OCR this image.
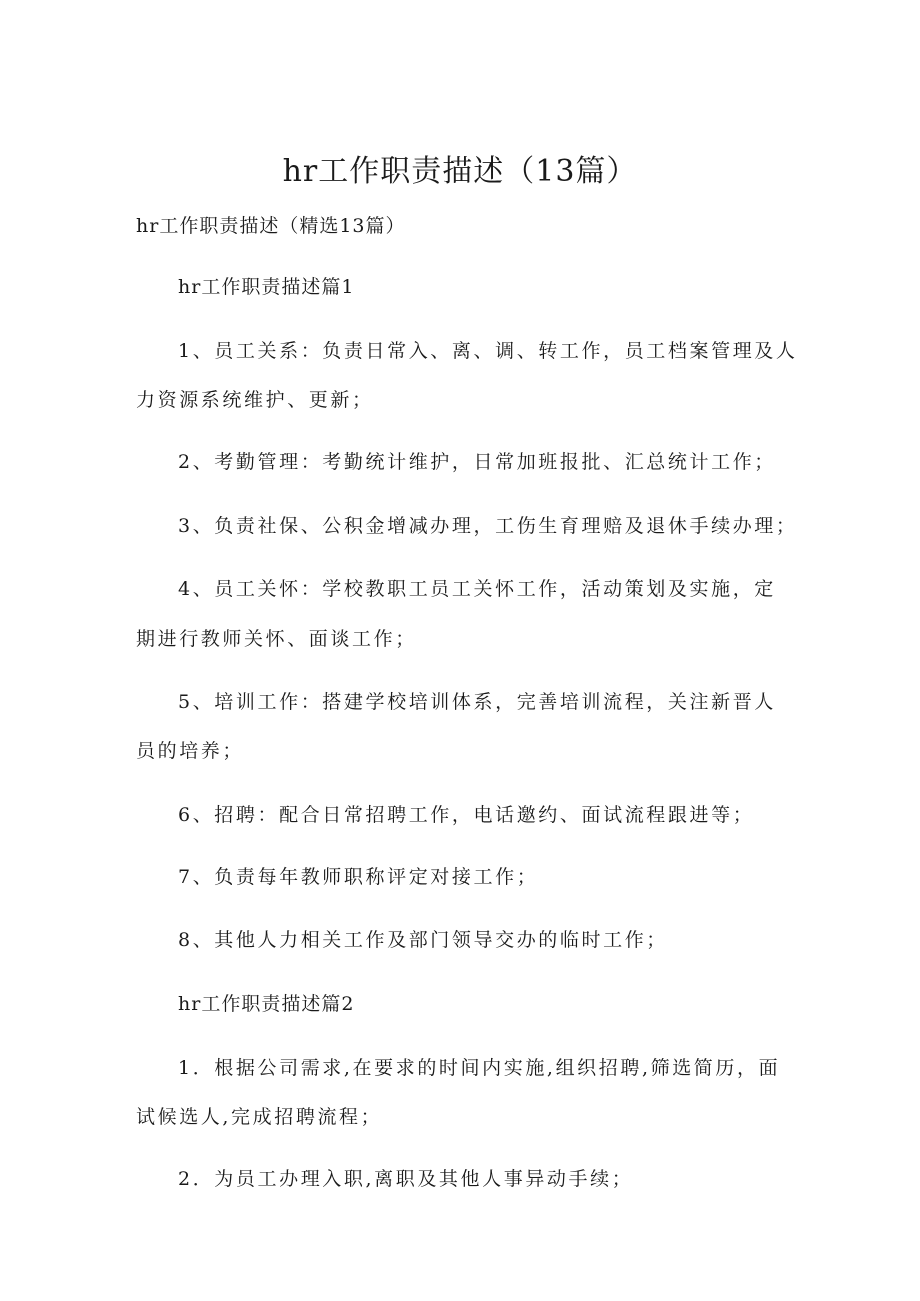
hr工作职责描述（13篇）
hr工作职责描述（精选13篇）
hr工作职责描述篇1
1、员工关系：负责日常入、离、调、转工作，员工档案管理及人
力资源系统维护、更新；
2、考勤管理：考勤统计维护，日常加班报批、汇总统计工作；
3、负责社保、公积金增减办理，工伤生育理赔及退休手续办理；
4、员工关怀：学校教职工员工关怀工作，活动策划及实施，定
期进行教师关怀、面谈工作；
5、培训工作：搭建学校培训体系，完善培训流程，关注新晋人
员的培养；
6、招聘：配合日常招聘工作，电话邀约、面试流程跟进等；
7、负责每年教师职称评定对接工作；
8、其他人力相关工作及部门领导交办的临时工作；
hr工作职责描述篇2
1．根据公司需求,在要求的时间内实施,组织招聘,筛选简历，面
试候选人,完成招聘流程；
2．为员工办理入职,离职及其他人事异动手续；
